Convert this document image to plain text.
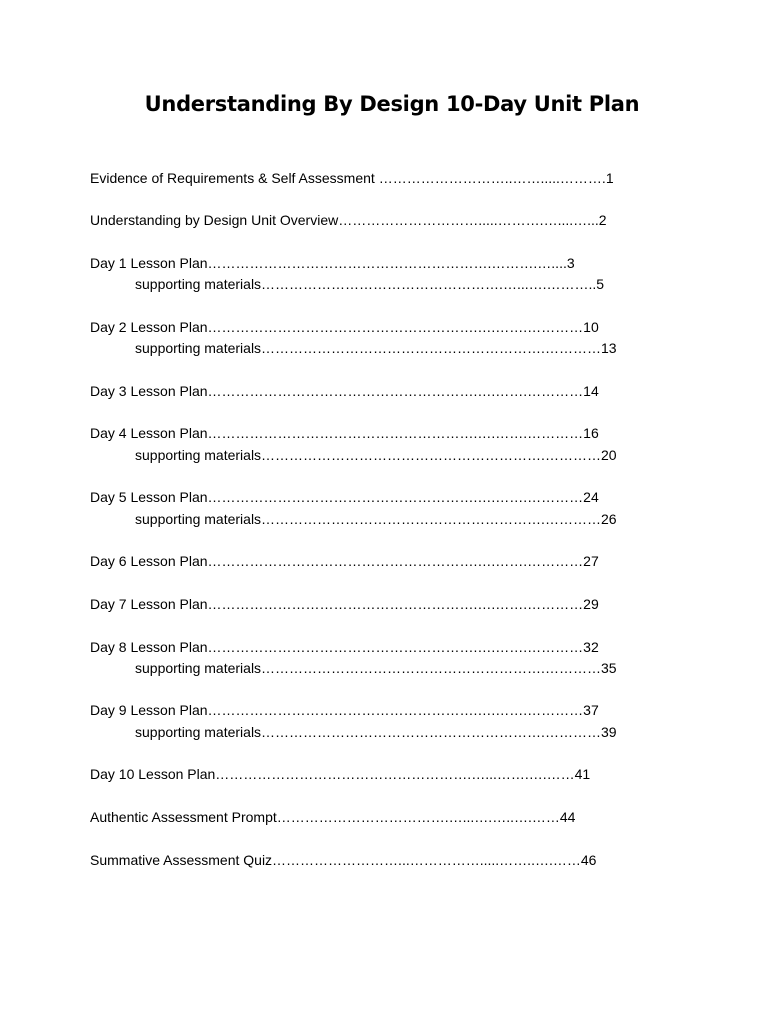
Understanding By Design 10-Day Unit Plan
Evidence of Requirements & Self Assessment ………………………..…….....……….1
Understanding by Design Unit Overview………………………….....……….…....…...2
Day 1 Lesson Plan…………………………………………………….……….…....3
supporting materials…………………………………………….…...….………..5
Day 2 Lesson Plan………………………………………………….….…….…………10
supporting materials…………………………………………………….…………13
Day 3 Lesson Plan………………………………………………….….…….…………14
Day 4 Lesson Plan………………………………………………….….…….…………16
supporting materials…………………………………………………….…………20
Day 5 Lesson Plan………………………………………………….….…….…………24
supporting materials…………………………………………………….…………26
Day 6 Lesson Plan………………………………………………….….…….…………27
Day 7 Lesson Plan………………………………………………….….…….…………29
Day 8 Lesson Plan………………………………………………….….…….…………32
supporting materials…………………………………………………….…………35
Day 9 Lesson Plan………………………………………………….….…….…………37
supporting materials…………………………………………………….…………39
Day 10 Lesson Plan……………………………………………….…...…….….……41
Authentic Assessment Prompt……………………………….…...….…..….……44
Summative Assessment Quiz………………………...…………….....……..….……46
